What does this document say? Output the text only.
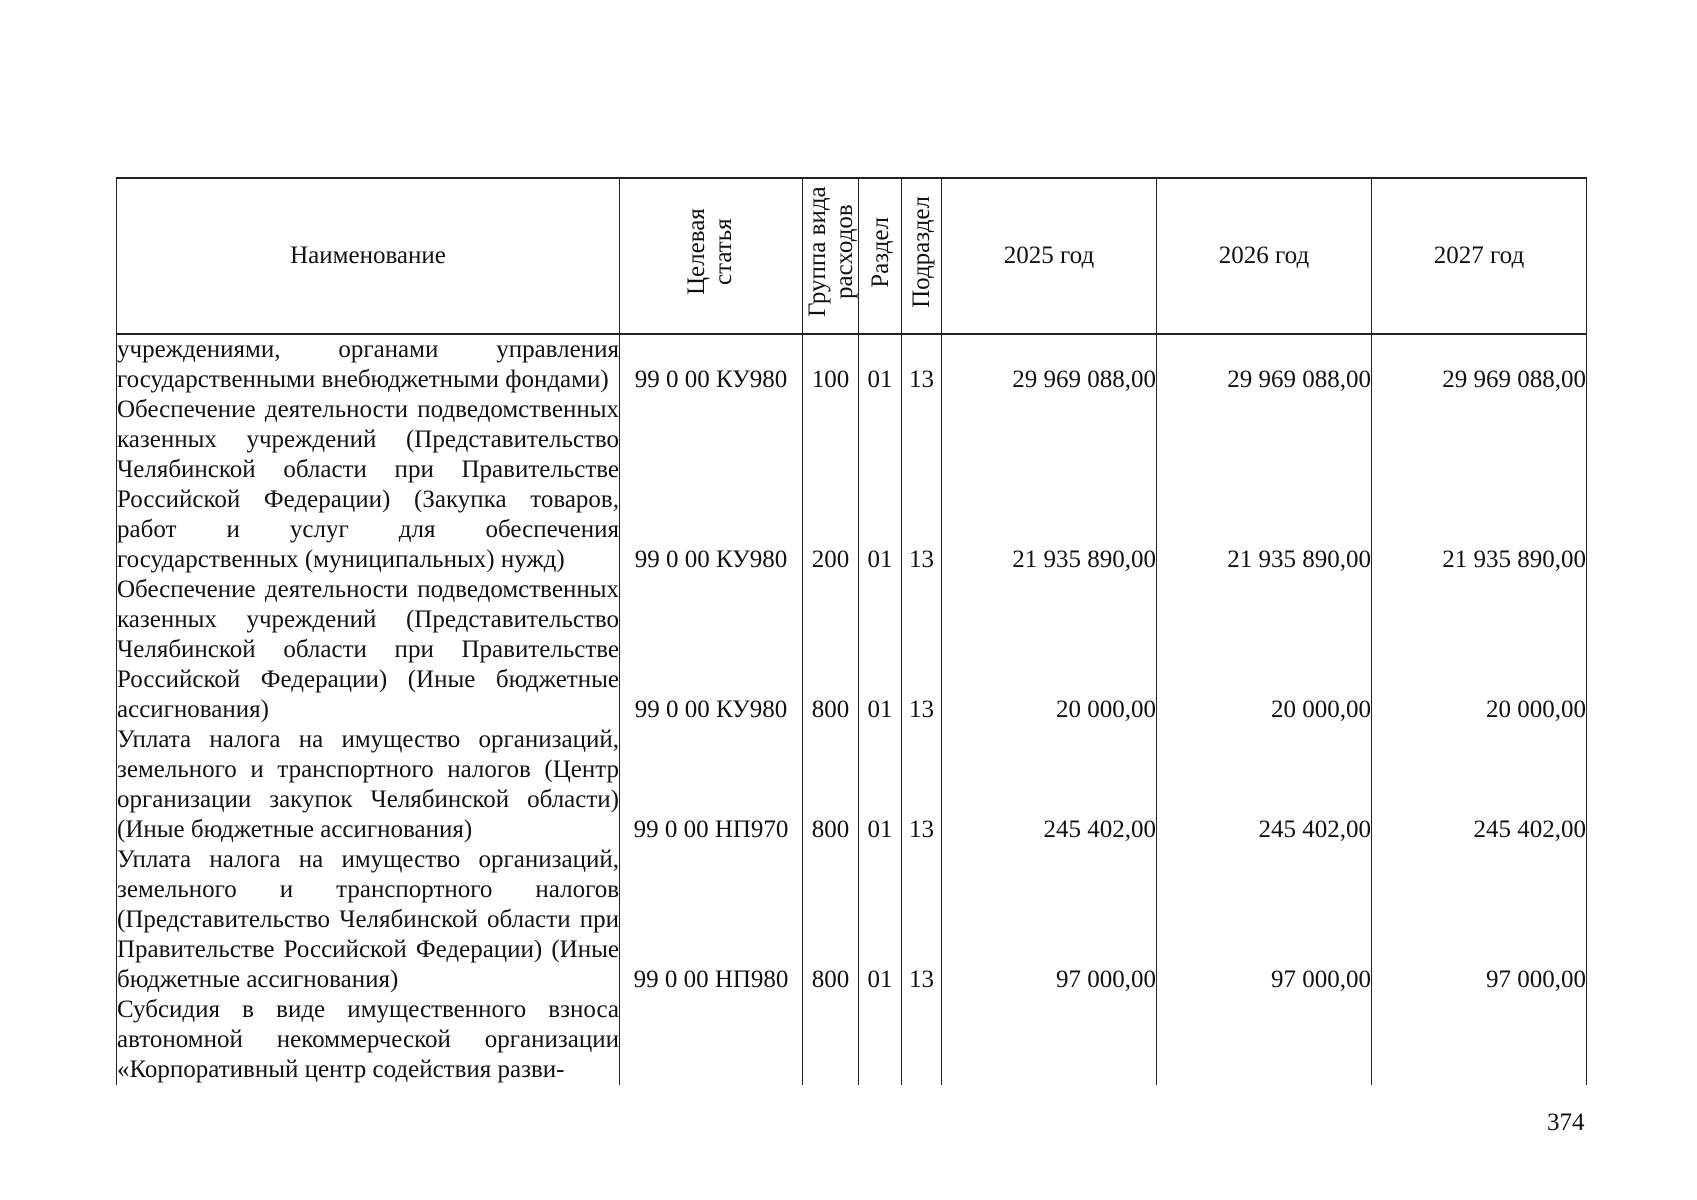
Наименование	Целевая статья	Группа вида расходов	Раздел	Подраздел	2025 год	2026 год	2027 год
учреждениями, органами управления государственными внебюджетными фондами)	99 0 00 КУ980	100	01	13	29 969 088,00	29 969 088,00	29 969 088,00
Обеспечение деятельности подведомственных казенных учреждений (Представительство Челябинской области при Правительстве Российской Федерации) (Закупка товаров, работ и услуг для обеспечения государственных (муниципальных) нужд)	99 0 00 КУ980	200	01	13	21 935 890,00	21 935 890,00	21 935 890,00
Обеспечение деятельности подведомственных казенных учреждений (Представительство Челябинской области при Правительстве Российской Федерации) (Иные бюджетные ассигнования)	99 0 00 КУ980	800	01	13	20 000,00	20 000,00	20 000,00
Уплата налога на имущество организаций, земельного и транспортного налогов (Центр организации закупок Челябинской области) (Иные бюджетные ассигнования)	99 0 00 НП970	800	01	13	245 402,00	245 402,00	245 402,00
Уплата налога на имущество организаций, земельного и транспортного налогов (Представительство Челябинской области при Правительстве Российской Федерации) (Иные бюджетные ассигнования)	99 0 00 НП980	800	01	13	97 000,00	97 000,00	97 000,00
Субсидия в виде имущественного взноса автономной некоммерческой организации «Корпоративный центр содействия разви-							
374
